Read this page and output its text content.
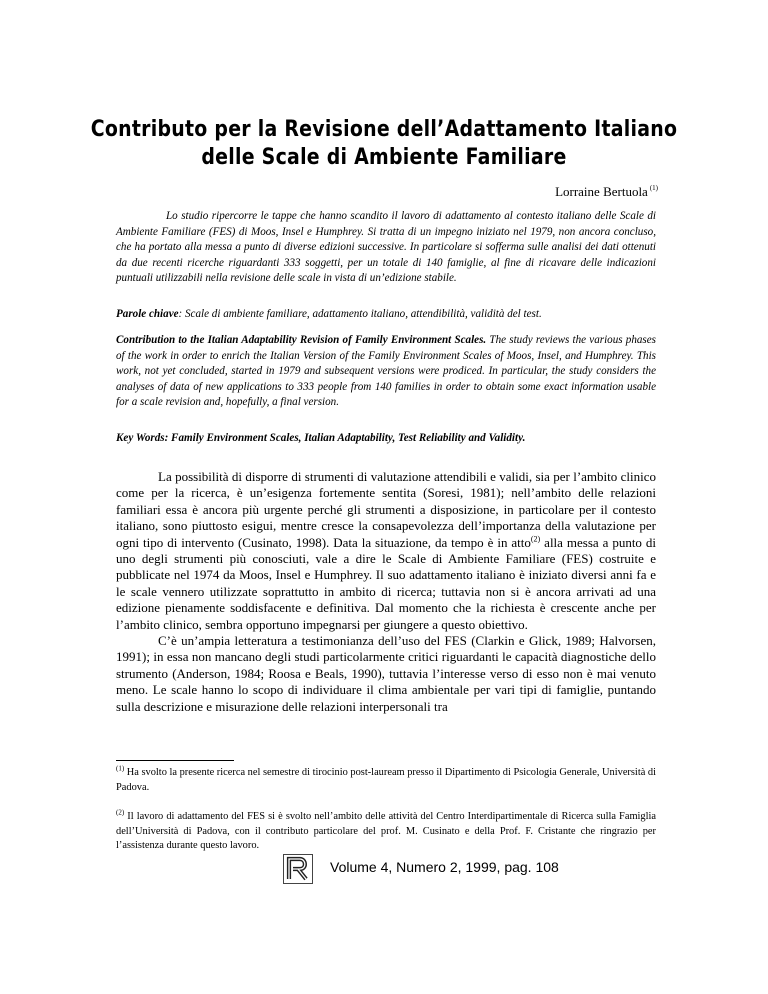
Contributo per la Revisione dell’Adattamento Italiano
delle Scale di Ambiente Familiare
Lorraine Bertuola $^{(1)}$
Lo studio ripercorre le tappe che hanno scandito il lavoro di adattamento al contesto italiano delle Scale di Ambiente Familiare (FES) di Moos, Insel e Humphrey. Si tratta di un impegno iniziato nel 1979, non ancora concluso, che ha portato alla messa a punto di diverse edizioni successive. In particolare si sofferma sulle analisi dei dati ottenuti da due recenti ricerche riguardanti 333 soggetti, per un totale di 140 famiglie, al fine di ricavare delle indicazioni puntuali utilizzabili nella revisione delle scale in vista di un’edizione stabile.
Parole chiave: Scale di ambiente familiare, adattamento italiano, attendibilità, validità del test.
Contribution to the Italian Adaptability Revision of Family Environment Scales. The study reviews the various phases of the work in order to enrich the Italian Version of the Family Environment Scales of Moos, Insel, and Humphrey. This work, not yet concluded, started in 1979 and subsequent versions were prodiced. In particular, the study considers the analyses of data of new applications to 333 people from 140 families in order to obtain some exact information usable for a scale revision and, hopefully, a final version.
Key Words: Family Environment Scales, Italian Adaptability, Test Reliability and Validity.

La possibilità di disporre di strumenti di valutazione attendibili e validi, sia per l’ambito clinico come per la ricerca, è un’esigenza fortemente sentita (Soresi, 1981); nell’ambito delle relazioni familiari essa è ancora più urgente perché gli strumenti a disposizione, in particolare per il contesto italiano, sono piuttosto esigui, mentre cresce la consapevolezza dell’importanza della valutazione per ogni tipo di intervento (Cusinato, 1998). Data la situazione, da tempo è in atto$^{(2)}$ alla messa a punto di uno degli strumenti più conosciuti, vale a dire le Scale di Ambiente Familiare (FES) costruite e pubblicate nel 1974 da Moos, Insel e Humphrey. Il suo adattamento italiano è iniziato diversi anni fa e le scale vennero utilizzate soprattutto in ambito di ricerca; tuttavia non si è ancora arrivati ad una edizione pienamente soddisfacente e definitiva. Dal momento che la richiesta è crescente anche per l’ambito clinico, sembra opportuno impegnarsi per giungere a questo obiettivo.

C’è un’ampia letteratura a testimonianza dell’uso del FES (Clarkin e Glick, 1989; Halvorsen, 1991); in essa non mancano degli studi particolarmente critici riguardanti le capacità diagnostiche dello strumento (Anderson, 1984; Roosa e Beals, 1990), tuttavia l’interesse verso di esso non è mai venuto meno. Le scale hanno lo scopo di individuare il clima ambientale per vari tipi di famiglie, puntando sulla descrizione e misurazione delle relazioni interpersonali tra

$^{(1)}$ Ha svolto la presente ricerca nel semestre di tirocinio post-lauream presso il Dipartimento di Psicologia Generale, Università di Padova.
$^{(2)}$ Il lavoro di adattamento del FES si è svolto nell’ambito delle attività del Centro Interdipartimentale di Ricerca sulla Famiglia dell’Università di Padova, con il contributo particolare del prof. M. Cusinato e della Prof. F. Cristante che ringrazio per l’assistenza durante questo lavoro.
Volume 4, Numero 2, 1999, pag. 108
